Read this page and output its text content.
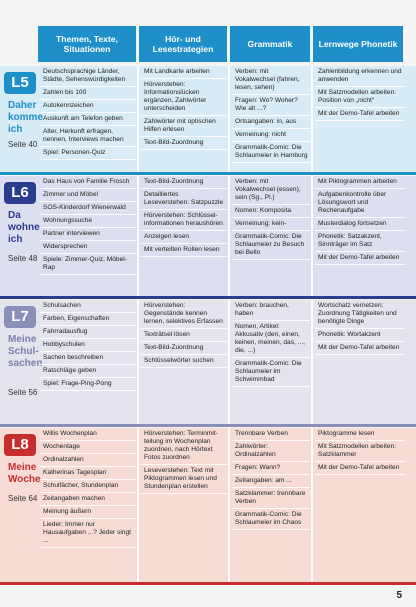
Themen, Texte, Situationen
Hör- und Lesestrategien	Grammatik	Lernwege Phonetik
L5
Daher komme ich
Seite 40
Deutschsprachige Länder, Städte, Sehenswürdigkeiten
Zahlen bis 100
Autokennzeichen
Auskunft am Telefon geben
Alter, Herkunft erfragen, nennen, Interviews machen
Spiel: Personen-Quiz
Mit Landkarte arbeiten
Hörverstehen: Informationslücken ergänzen, Zahlwörter unterscheiden
Zahlwörter mit optischen Hilfen erlesen
Text-Bild-Zuordnung
Verben: mit Vokalwechsel (fahren, lesen, sehen)
Fragen: Wo? Woher? Wie alt ...?
Ortsangaben: in, aus
Verneinung: nicht
Grammatik-Comic: Die Schlaumeier in Hamburg
Zahlenbildung erkennen und anwenden
Mit Satzmodellen arbeiten: Position von „nicht“
Mit der Demo-Tafel arbeiten
L6
Da wohne ich
Seite 48
Das Haus von Familie Frosch
Zimmer und Möbel
SOS-Kinderdorf Wienerwald
Wohnungssuche
Partner interviewen
Widersprechen
Spiele: Zimmer-Quiz, Möbel-Rap
Text-Bild-Zuordnung
Detailliertes Leseverstehen: Satzpuzzle
Hörverstehen: Schlüsselinformationen heraushören
Anzeigen lesen
Mit verteilten Rollen lesen
Verben: mit Vokalwechsel (essen), sein (Sg., Pl.)
Nomen: Komposita
Verneinung: kein-
Grammatik-Comic: Die Schlaumeier zu Besuch bei Bello
Mit Piktogrammen arbeiten
Aufgabenkontrolle über Lösungswort und Rechenaufgabe
Musterdialog fortsetzen
Phonetik: Satzakzent, Sinnträger im Satz
Mit der Demo-Tafel arbeiten
L7
Meine Schulsachen
Seite 56
Schulsachen
Farben, Eigenschaften
Fahrradausflug
Hobbyschulen
Sachen beschreiben
Ratschläge geben
Spiel: Frage-Ping-Pong
Hörverstehen: Gegenstände kennen lernen, selektives Erfassen
Texträtsel lösen
Text-Bild-Zuordnung
Schlüsselwörter suchen
Verben: brauchen, haben
Nomen, Artikel: Akkusativ (den, einen, keinen, meinen, das, ..., die, ...)
Grammatik-Comic: Die Schlaumeier im Schwimmbad
Wortschatz vernetzen: Zuordnung Tätigkeiten und benötigte Dinge
Phonetik: Wortakzent
Mit der Demo-Tafel arbeiten
L8
Meine Woche
Seite 64
Willis Wochenplan
Wochentage
Ordinalzahlen
Katherinas Tagesplan
Schulfächer, Stundenplan
Zeitangaben machen
Meinung äußern
Lieder: Immer nur Hausaufgaben ...? Jeder singt ...
Hörverstehen: Terminmitteilung im Wochenplan zuordnen, nach Hörtext Fotos zuordnen
Leseverstehen: Text mit Piktogrammen lesen und Stundenplan erstellen
Trennbare Verben
Zahlwörter: Ordinalzahlen
Fragen: Wann?
Zeitangaben: am ...
Satzklammer: trennbare Verben
Grammatik-Comic: Die Schlaumeier im Chaos
Piktogramme lesen
Mit Satzmodellen arbeiten: Satzklammer
Mit der Demo-Tafel arbeiten
5
